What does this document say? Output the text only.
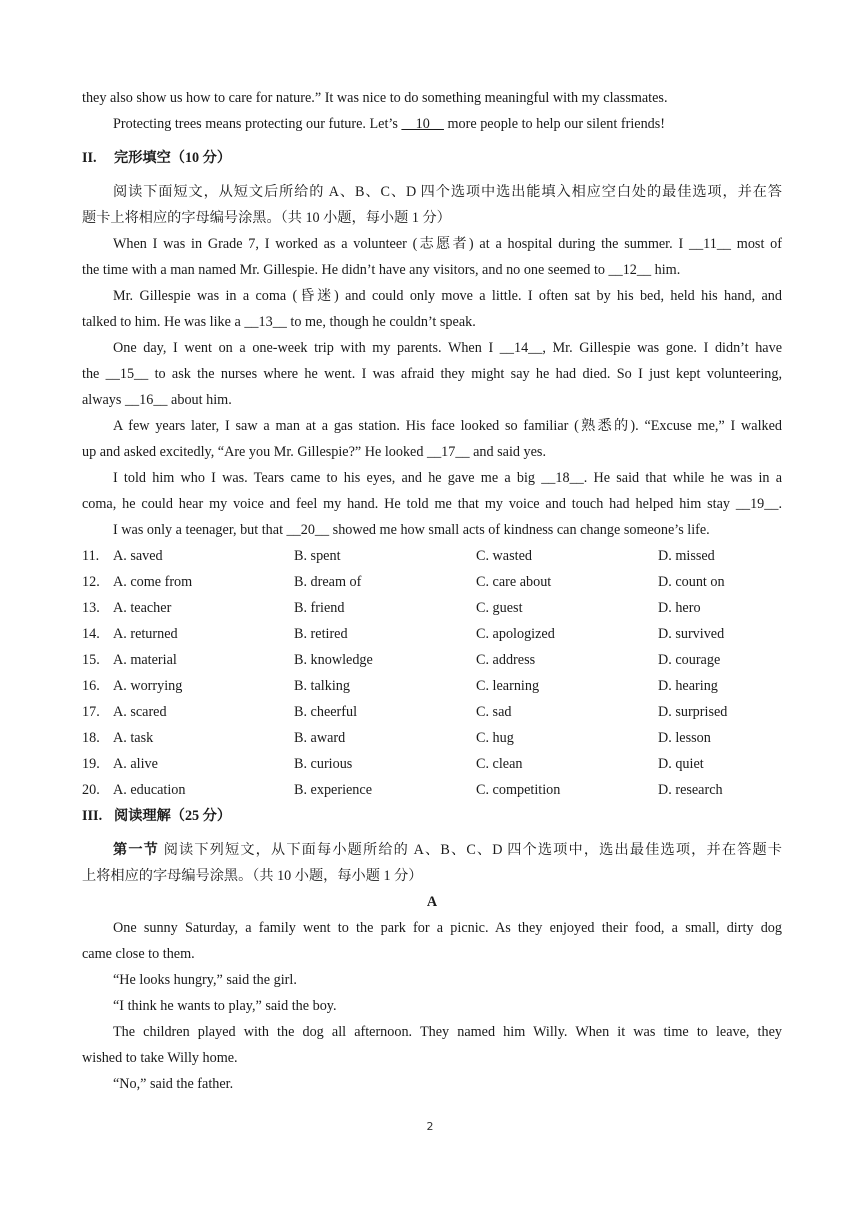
they also show us how to care for nature.” It was nice to do something meaningful with my classmates.
Protecting trees means protecting our future. Let’s     10     more people to help our silent friends!
II. 完形填空（10 分）
阅读下面短文，从短文后所给的 A、B、C、D 四个选项中选出能填入相应空白处的最佳选项，并在答
题卡上将相应的字母编号涂黑。（共 10 小题，每小题 1 分）
When I was in Grade 7, I worked as a volunteer (志愿者) at a hospital during the summer. I __11__ most of
the time with a man named Mr. Gillespie. He didn’t have any visitors, and no one seemed to __12__ him.
Mr. Gillespie was in a coma (昏迷) and could only move a little. I often sat by his bed, held his hand, and
talked to him. He was like a __13__ to me, though he couldn’t speak.
One day, I went on a one-week trip with my parents. When I __14__, Mr. Gillespie was gone. I didn’t have
the __15__ to ask the nurses where he went. I was afraid they might say he had died. So I just kept volunteering,
always __16__ about him.
A few years later, I saw a man at a gas station. His face looked so familiar (熟悉的). “Excuse me,” I walked
up and asked excitedly, “Are you Mr. Gillespie?” He looked __17__ and said yes.
I told him who I was. Tears came to his eyes, and he gave me a big __18__. He said that while he was in a
coma, he could hear my voice and feel my hand. He told me that my voice and touch had helped him stay __19__.
I was only a teenager, but that __20__ showed me how small acts of kindness can change someone’s life.
11. A. saved	B. spent	C. wasted	D. missed
12. A. come from	B. dream of	C. care about	D. count on
13. A. teacher	B. friend	C. guest	D. hero
14. A. returned	B. retired	C. apologized	D. survived
15. A. material	B. knowledge	C. address	D. courage
16. A. worrying	B. talking	C. learning	D. hearing
17. A. scared	B. cheerful	C. sad	D. surprised
18. A. task	B. award	C. hug	D. lesson
19. A. alive	B. curious	C. clean	D. quiet
20. A. education	B. experience	C. competition	D. research
III. 阅读理解（25 分）
第一节 阅读下列短文，从下面每小题所给的 A、B、C、D 四个选项中，选出最佳选项，并在答题卡
上将相应的字母编号涂黑。（共 10 小题，每小题 1 分）
A
One sunny Saturday, a family went to the park for a picnic. As they enjoyed their food, a small, dirty dog
came close to them.
“He looks hungry,” said the girl.
“I think he wants to play,” said the boy.
The children played with the dog all afternoon. They named him Willy. When it was time to leave, they
wished to take Willy home.
“No,” said the father.
2
